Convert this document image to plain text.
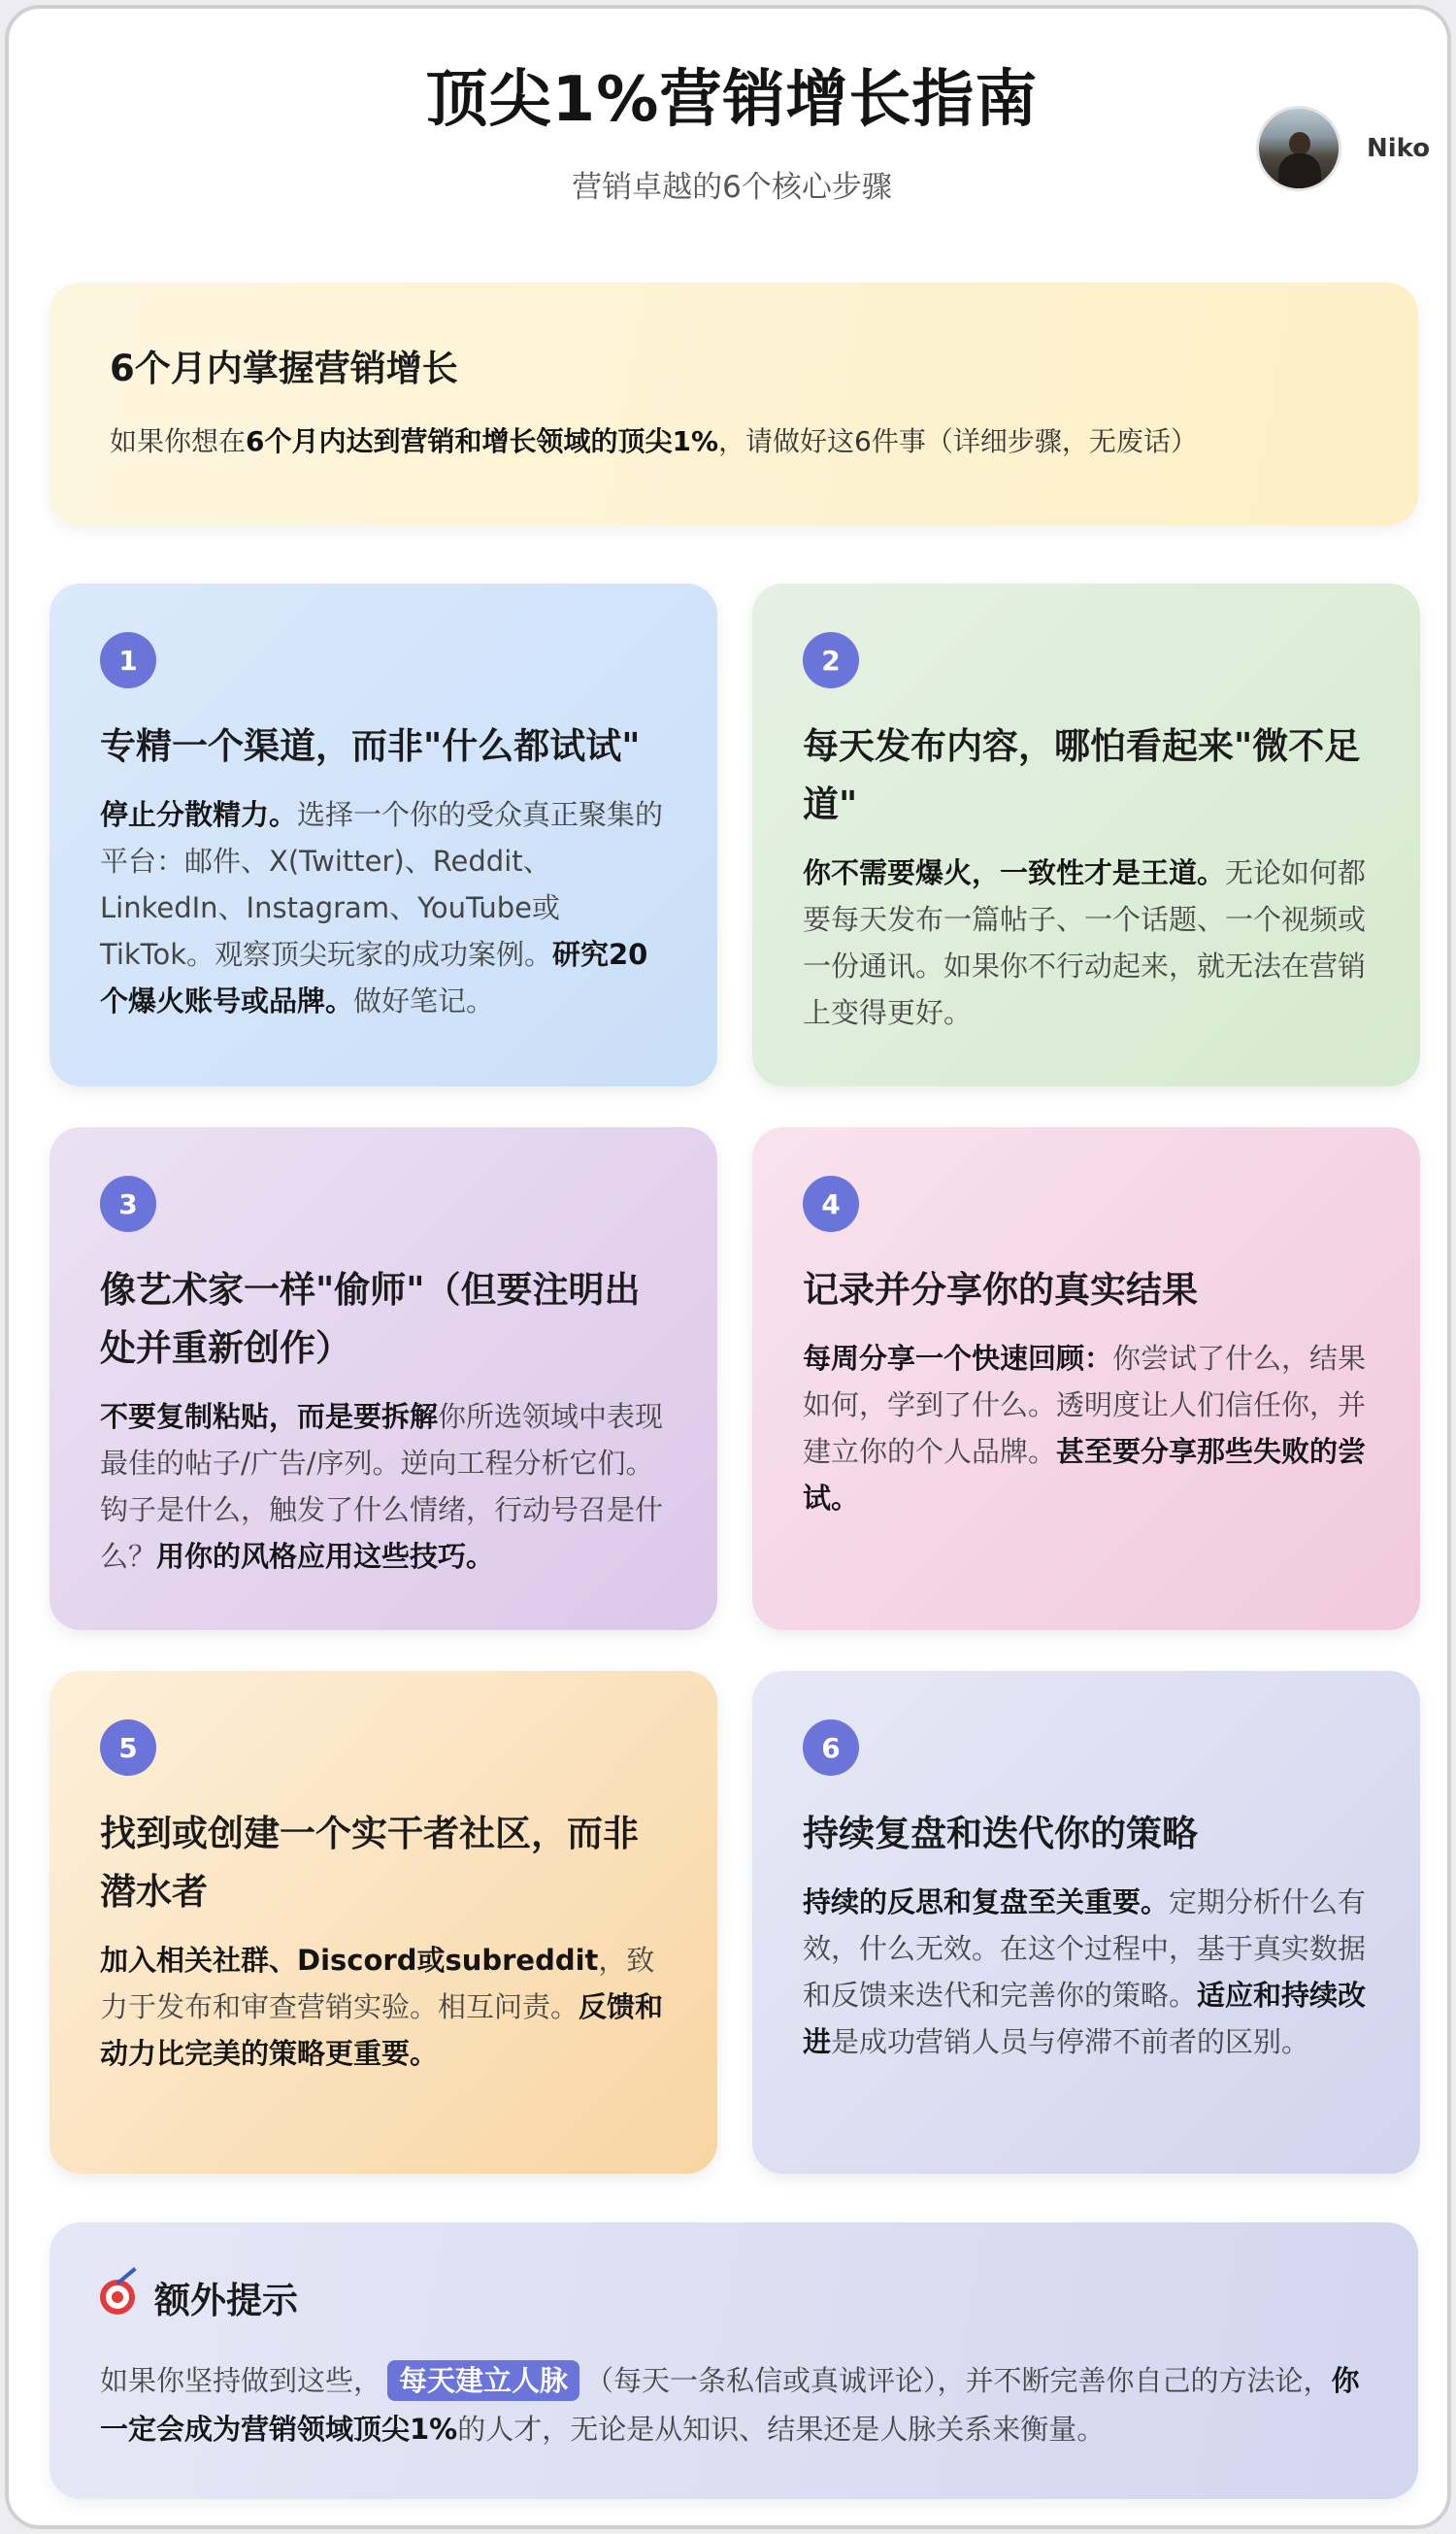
顶尖1%营销增长指南
营销卓越的6个核心步骤
Niko
6个月内掌握营销增长

如果你想在6个月内达到营销和增长领域的顶尖1%，请做好这6件事（详细步骤，无废话）

1
专精一个渠道，而非"什么都试试"

停止分散精力。选择一个你的受众真正聚集的平台：邮件、X(Twitter)、Reddit、LinkedIn、Instagram、YouTube或TikTok。观察顶尖玩家的成功案例。研究20个爆火账号或品牌。做好笔记。

2
每天发布内容，哪怕看起来"微不足道"

你不需要爆火，一致性才是王道。无论如何都要每天发布一篇帖子、一个话题、一个视频或一份通讯。如果你不行动起来，就无法在营销上变得更好。

3
像艺术家一样"偷师"（但要注明出处并重新创作）

不要复制粘贴，而是要拆解你所选领域中表现最佳的帖子/广告/序列。逆向工程分析它们。钩子是什么，触发了什么情绪，行动号召是什么？用你的风格应用这些技巧。

4
记录并分享你的真实结果

每周分享一个快速回顾：你尝试了什么，结果如何，学到了什么。透明度让人们信任你，并建立你的个人品牌。甚至要分享那些失败的尝试。

5
找到或创建一个实干者社区，而非潜水者

加入相关社群、Discord或subreddit，致力于发布和审查营销实验。相互问责。反馈和动力比完美的策略更重要。

6
持续复盘和迭代你的策略

持续的反思和复盘至关重要。定期分析什么有效，什么无效。在这个过程中，基于真实数据和反馈来迭代和完善你的策略。适应和持续改进是成功营销人员与停滞不前者的区别。

额外提示

如果你坚持做到这些， 每天建立人脉 （每天一条私信或真诚评论），并不断完善你自己的方法论，你一定会成为营销领域顶尖1%的人才，无论是从知识、结果还是人脉关系来衡量。
